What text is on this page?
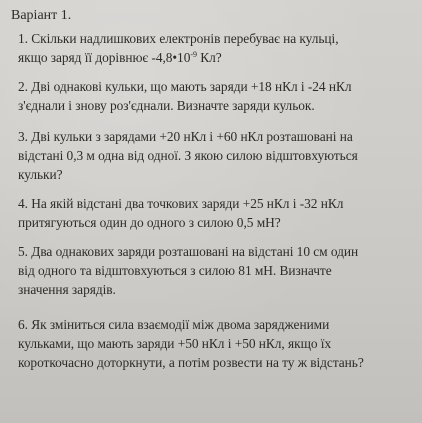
Варіант 1.
1. Скільки надлишкових електронів перебуває на кульці,
якщо заряд її дорівнює $-4,8•10^{-9}$ Кл?
2. Дві однакові кульки, що мають заряди +18 нКл і -24 нКл
з'єднали і знову роз'єднали. Визначте заряди кульок.
3. Дві кульки з зарядами +20 нКл і +60 нКл розташовані на
відстані 0,3 м одна від одної. З якою силою відштовхуються
кульки?
4. На якій відстані два точкових заряди +25 нКл і -32 нКл
притягуються один до одного з силою 0,5 мН?
5. Два однакових заряди розташовані на відстані 10 см один
від одного та відштовхуються з силою 81 мН. Визначте
значення зарядів.
6. Як зміниться сила взаємодії між двома зарядженими
кульками, що мають заряди +50 нКл і +50 нКл, якщо їх
короткочасно доторкнути, а потім розвести на ту ж відстань?
